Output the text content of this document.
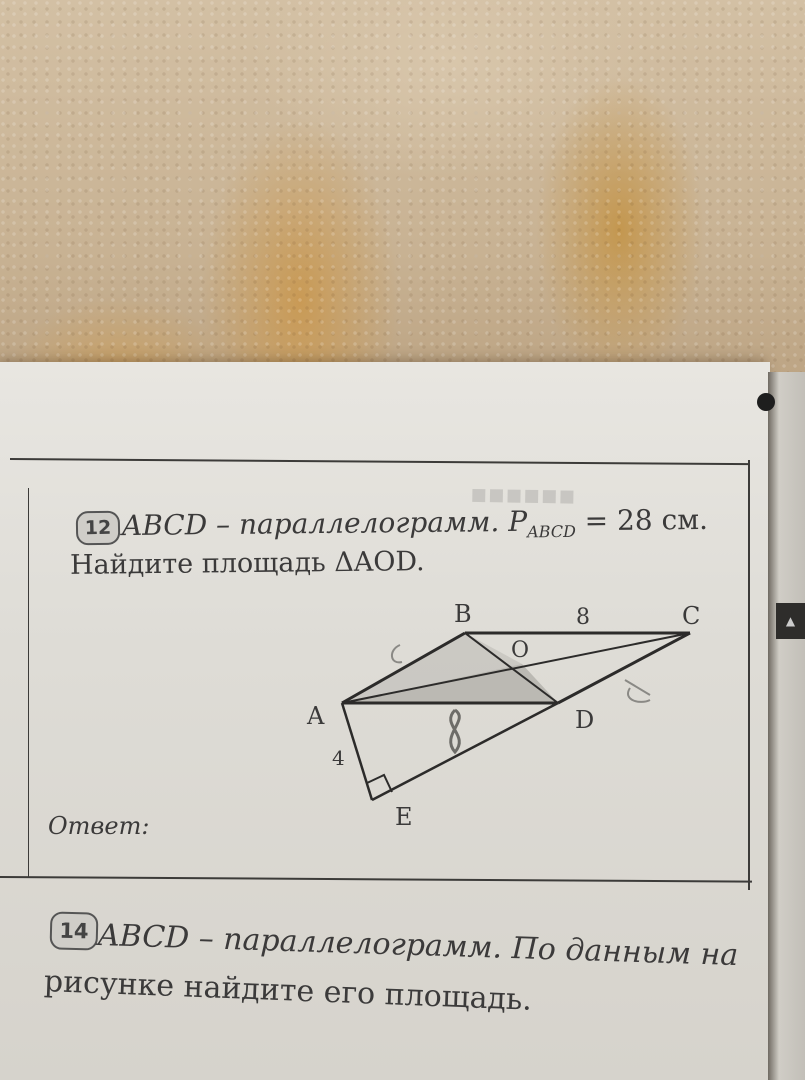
▲
▪▪▪▪▪▪
12 ABCD – параллелограмм. $P_{ABCD} = 28$ см.
Найдите площадь ΔAOD.
B	8	C
O
A	D
4
E
Ответ:
14 ABCD – параллелограмм. По данным на
рисунке найдите его площадь.
